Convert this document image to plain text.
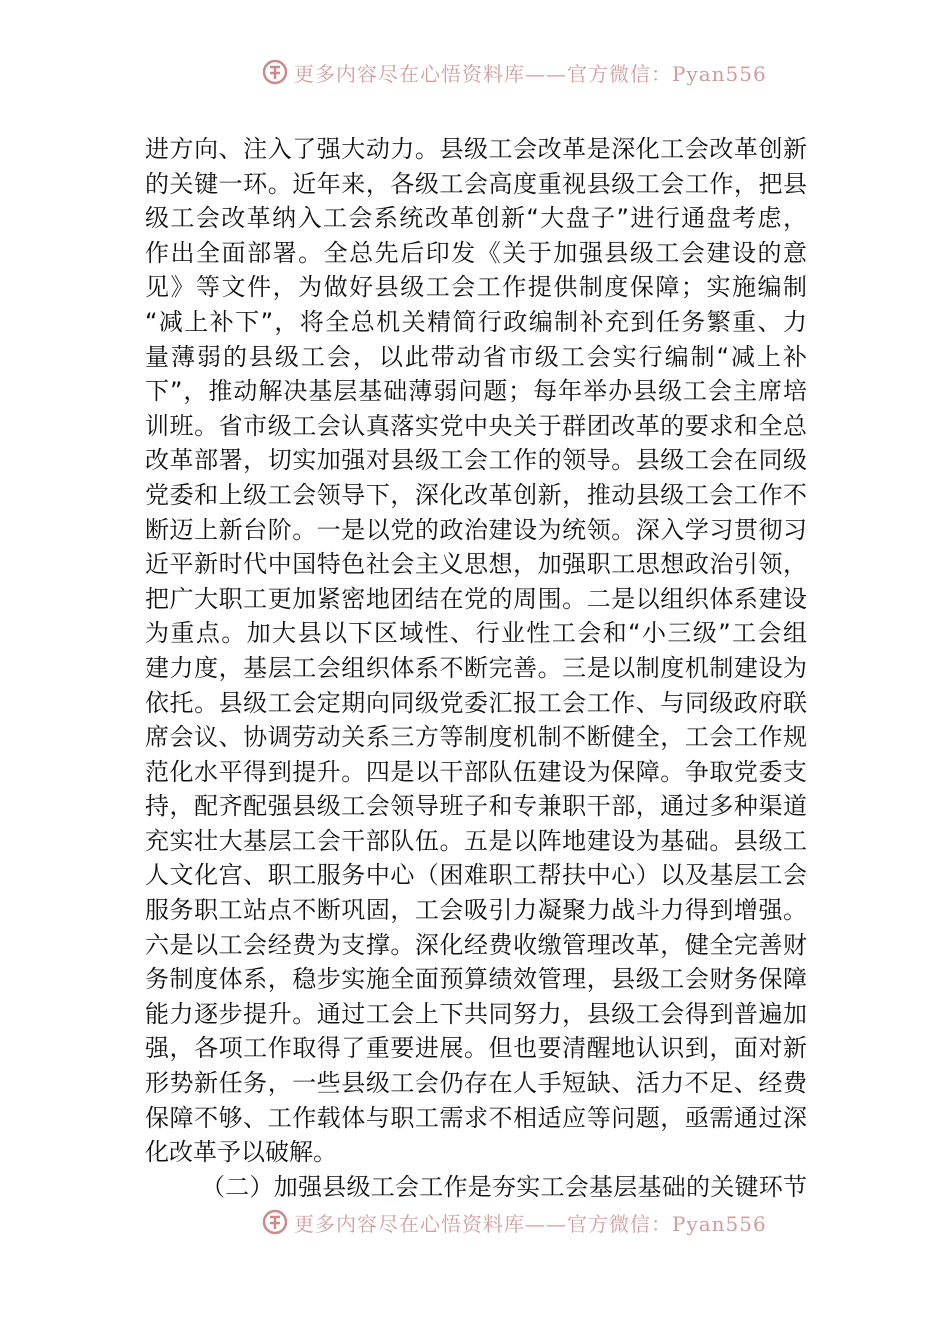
更多内容尽在心悟资料库——官方微信：Pyan556
进方向、注入了强大动力。县级工会改革是深化工会改革创新
的关键一环。近年来，各级工会高度重视县级工会工作，把县
级工会改革纳入工会系统改革创新“大盘子”进行通盘考虑，
作出全面部署。全总先后印发《关于加强县级工会建设的意
见》等文件，为做好县级工会工作提供制度保障；实施编制
“减上补下”，将全总机关精简行政编制补充到任务繁重、力
量薄弱的县级工会，以此带动省市级工会实行编制“减上补
下”，推动解决基层基础薄弱问题；每年举办县级工会主席培
训班。省市级工会认真落实党中央关于群团改革的要求和全总
改革部署，切实加强对县级工会工作的领导。县级工会在同级
党委和上级工会领导下，深化改革创新，推动县级工会工作不
断迈上新台阶。一是以党的政治建设为统领。深入学习贯彻习
近平新时代中国特色社会主义思想，加强职工思想政治引领，
把广大职工更加紧密地团结在党的周围。二是以组织体系建设
为重点。加大县以下区域性、行业性工会和“小三级”工会组
建力度，基层工会组织体系不断完善。三是以制度机制建设为
依托。县级工会定期向同级党委汇报工会工作、与同级政府联
席会议、协调劳动关系三方等制度机制不断健全，工会工作规
范化水平得到提升。四是以干部队伍建设为保障。争取党委支
持，配齐配强县级工会领导班子和专兼职干部，通过多种渠道
充实壮大基层工会干部队伍。五是以阵地建设为基础。县级工
人文化宫、职工服务中心（困难职工帮扶中心）以及基层工会
服务职工站点不断巩固，工会吸引力凝聚力战斗力得到增强。
六是以工会经费为支撑。深化经费收缴管理改革，健全完善财
务制度体系，稳步实施全面预算绩效管理，县级工会财务保障
能力逐步提升。通过工会上下共同努力，县级工会得到普遍加
强，各项工作取得了重要进展。但也要清醒地认识到，面对新
形势新任务，一些县级工会仍存在人手短缺、活力不足、经费
保障不够、工作载体与职工需求不相适应等问题，亟需通过深
化改革予以破解。
（二）加强县级工会工作是夯实工会基层基础的关键环节
更多内容尽在心悟资料库——官方微信：Pyan556
